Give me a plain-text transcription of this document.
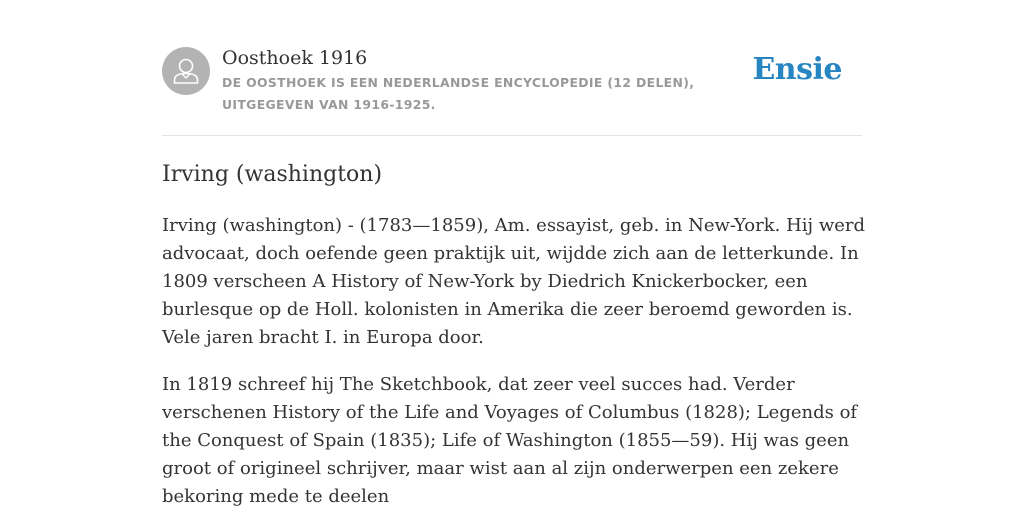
Oosthoek 1916
DE OOSTHOEK IS EEN NEDERLANDSE ENCYCLOPEDIE (12 DELEN), UITGEGEVEN VAN 1916-1925.
Ensie
Irving (washington)

Irving (washington) - (1783—1859), Am. essayist, geb. in New-York. Hij werd advocaat, doch oefende geen praktijk uit, wijdde zich aan de letterkunde. In 1809 verscheen A History of New-York by Diedrich Knickerbocker, een burlesque op de Holl. kolonisten in Amerika die zeer beroemd geworden is. Vele jaren bracht I. in Europa door.

In 1819 schreef hij The Sketchbook, dat zeer veel succes had. Verder verschenen History of the Life and Voyages of Columbus (1828); Legends of the Conquest of Spain (1835); Life of Washington (1855—59). Hij was geen groot of origineel schrijver, maar wist aan al zijn onderwerpen een zekere bekoring mede te deelen
